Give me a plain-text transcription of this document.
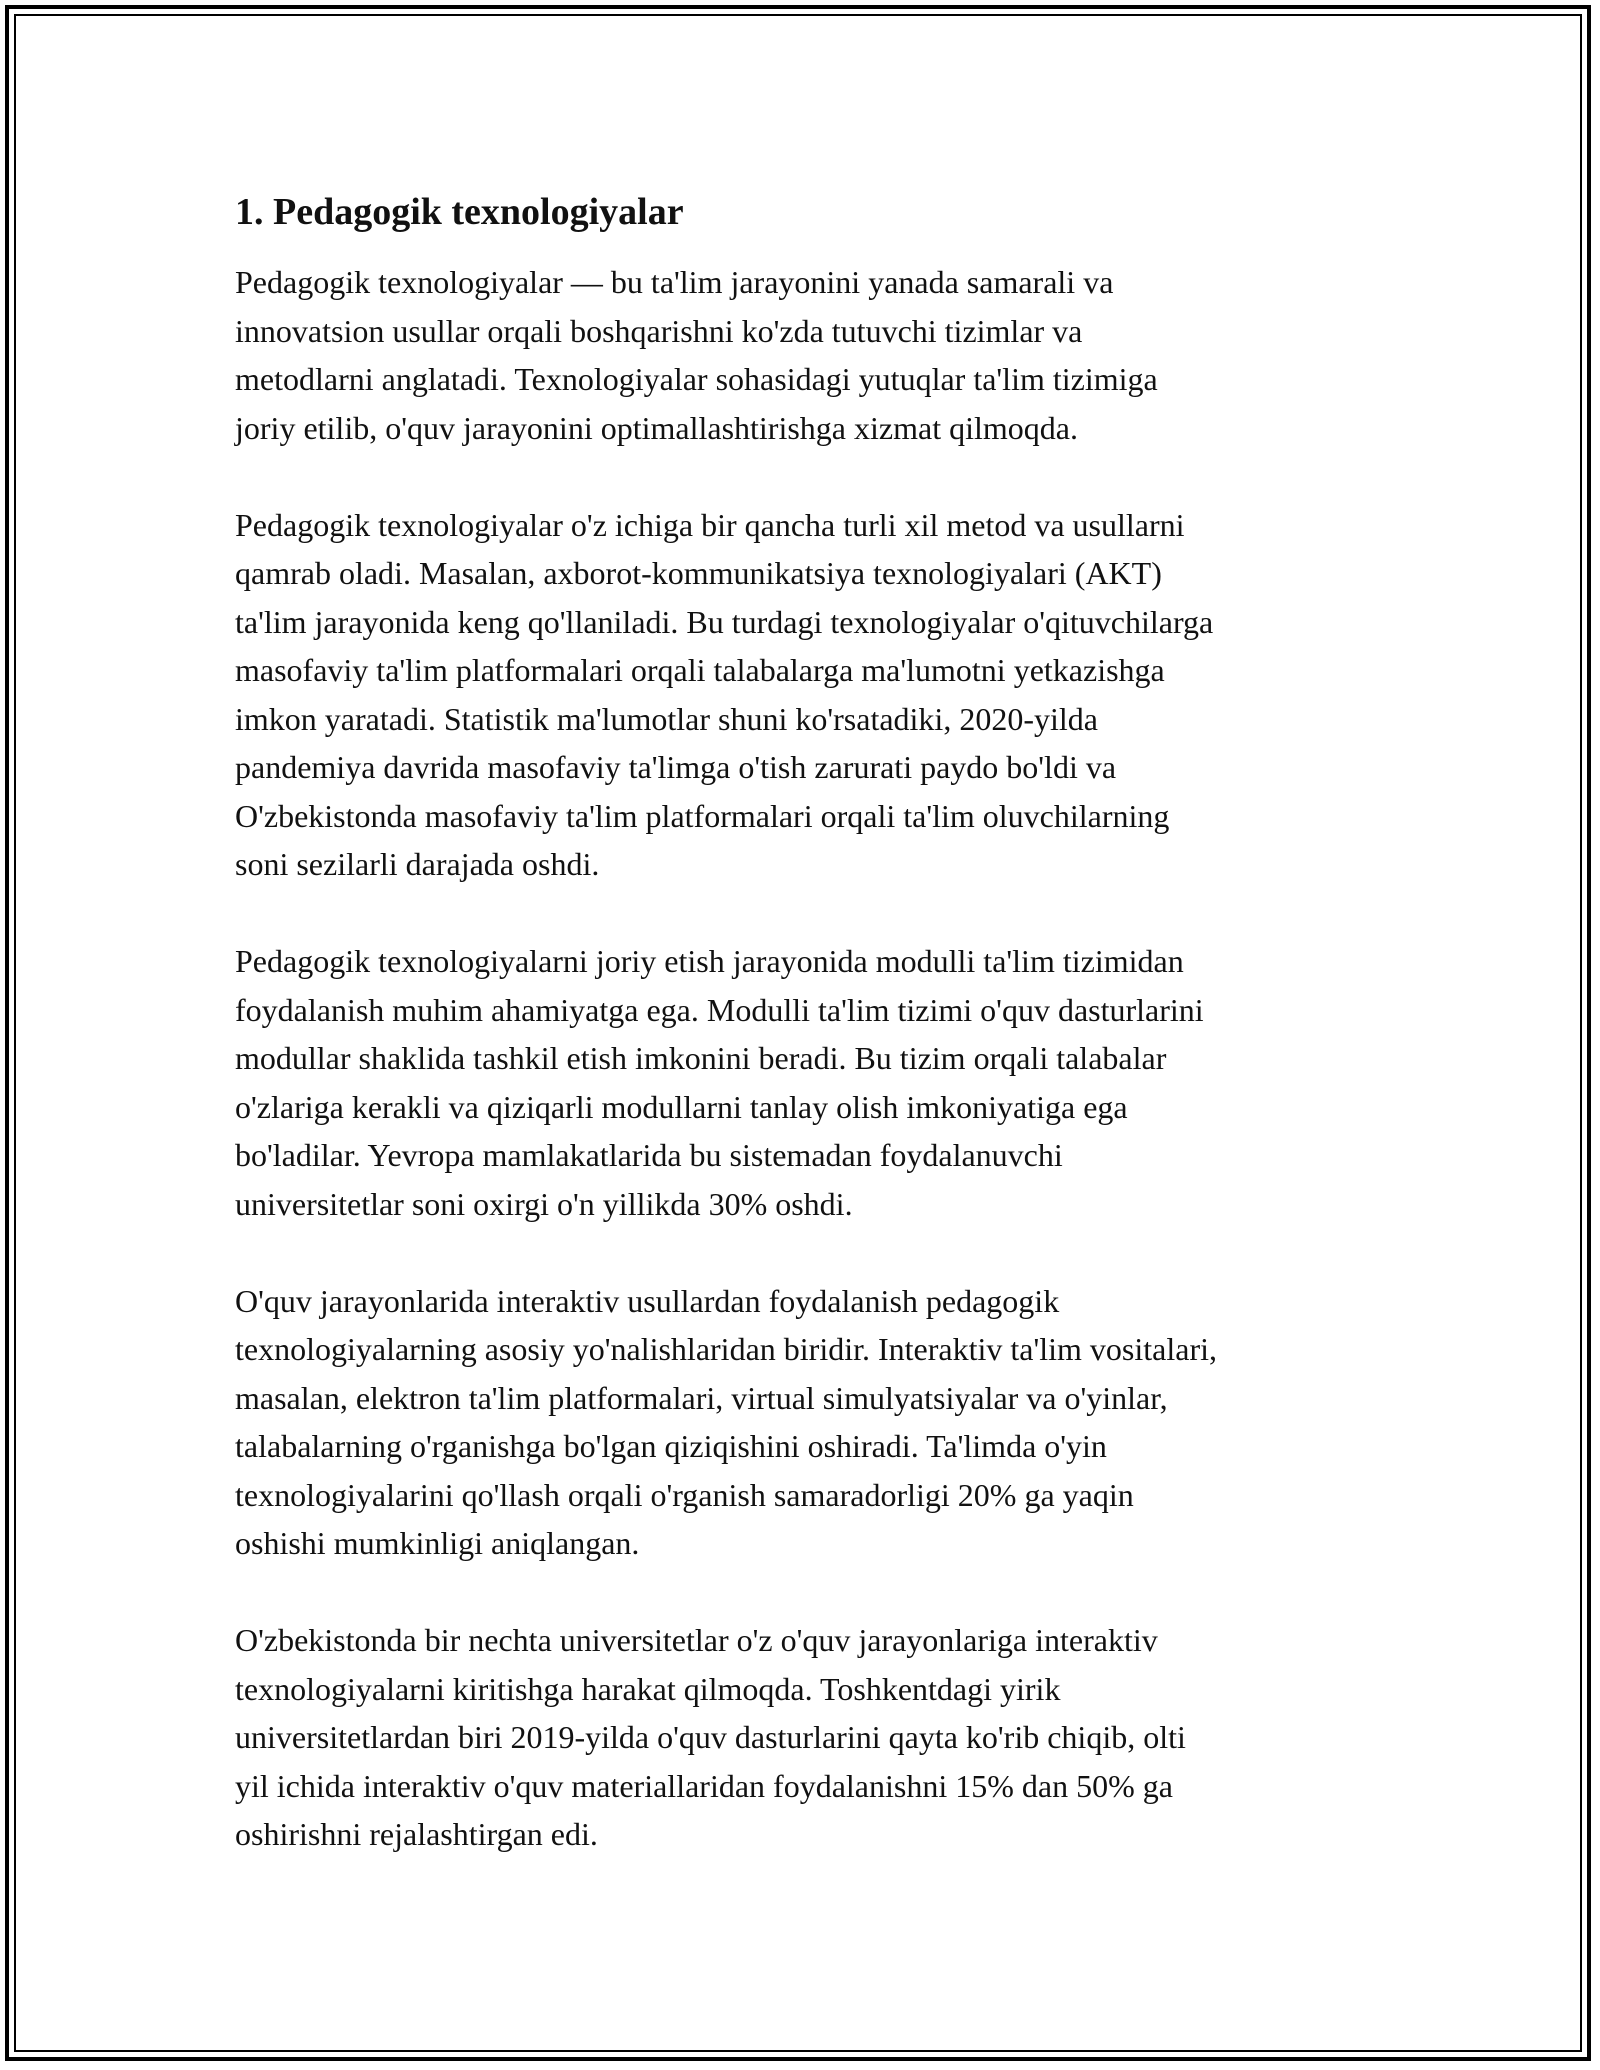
1. Pedagogik texnologiyalar

Pedagogik texnologiyalar — bu ta'lim jarayonini yanada samarali va
innovatsion usullar orqali boshqarishni ko'zda tutuvchi tizimlar va
metodlarni anglatadi. Texnologiyalar sohasidagi yutuqlar ta'lim tizimiga
joriy etilib, o'quv jarayonini optimallashtirishga xizmat qilmoqda.

Pedagogik texnologiyalar o'z ichiga bir qancha turli xil metod va usullarni
qamrab oladi. Masalan, axborot-kommunikatsiya texnologiyalari (AKT)
ta'lim jarayonida keng qo'llaniladi. Bu turdagi texnologiyalar o'qituvchilarga
masofaviy ta'lim platformalari orqali talabalarga ma'lumotni yetkazishga
imkon yaratadi. Statistik ma'lumotlar shuni ko'rsatadiki, 2020-yilda
pandemiya davrida masofaviy ta'limga o'tish zarurati paydo bo'ldi va
O'zbekistonda masofaviy ta'lim platformalari orqali ta'lim oluvchilarning
soni sezilarli darajada oshdi.

Pedagogik texnologiyalarni joriy etish jarayonida modulli ta'lim tizimidan
foydalanish muhim ahamiyatga ega. Modulli ta'lim tizimi o'quv dasturlarini
modullar shaklida tashkil etish imkonini beradi. Bu tizim orqali talabalar
o'zlariga kerakli va qiziqarli modullarni tanlay olish imkoniyatiga ega
bo'ladilar. Yevropa mamlakatlarida bu sistemadan foydalanuvchi
universitetlar soni oxirgi o'n yillikda 30% oshdi.

O'quv jarayonlarida interaktiv usullardan foydalanish pedagogik
texnologiyalarning asosiy yo'nalishlaridan biridir. Interaktiv ta'lim vositalari,
masalan, elektron ta'lim platformalari, virtual simulyatsiyalar va o'yinlar,
talabalarning o'rganishga bo'lgan qiziqishini oshiradi. Ta'limda o'yin
texnologiyalarini qo'llash orqali o'rganish samaradorligi 20% ga yaqin
oshishi mumkinligi aniqlangan.

O'zbekistonda bir nechta universitetlar o'z o'quv jarayonlariga interaktiv
texnologiyalarni kiritishga harakat qilmoqda. Toshkentdagi yirik
universitetlardan biri 2019-yilda o'quv dasturlarini qayta ko'rib chiqib, olti
yil ichida interaktiv o'quv materiallaridan foydalanishni 15% dan 50% ga
oshirishni rejalashtirgan edi.
